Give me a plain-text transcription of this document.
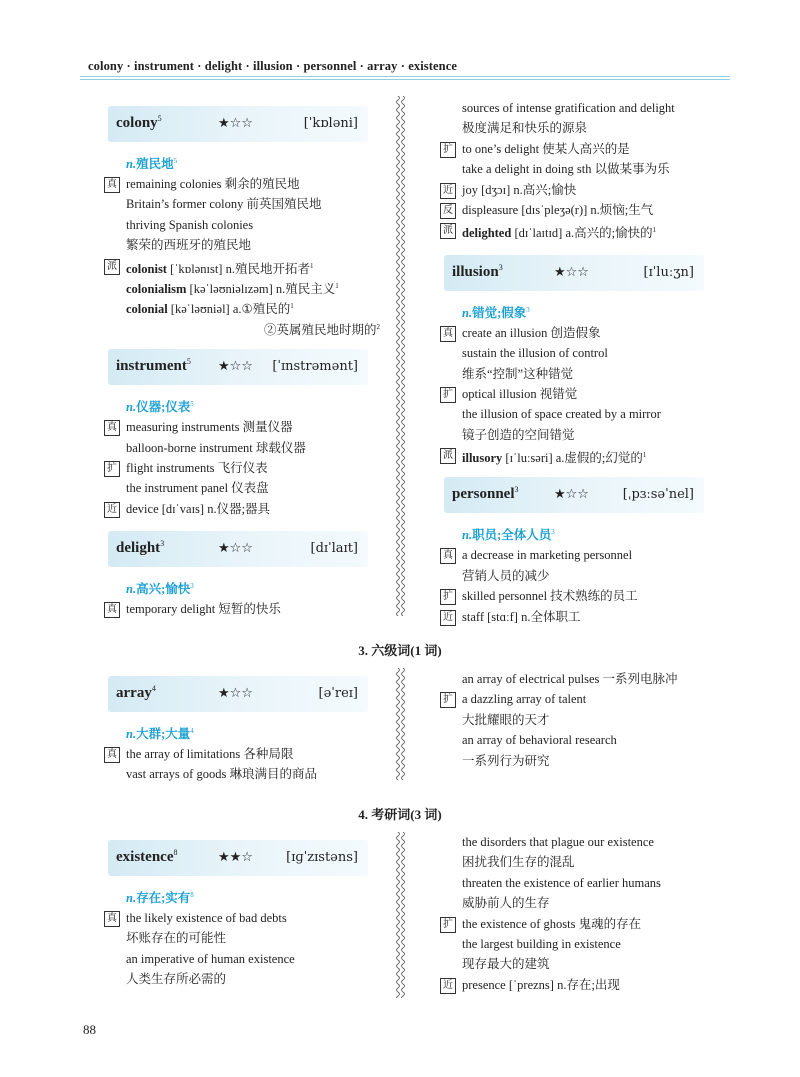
colony · instrument · delight · illusion · personnel · array · existence
colony$^5$	★☆☆	[ˈkɒləni]
n.殖民地$^5$
真 remaining colonies 剩余的殖民地
Britain’s former colony 前英国殖民地
thriving Spanish colonies
繁荣的西班牙的殖民地
派 colonist [ˈkɒlənɪst] n.殖民地开拓者$^1$
colonialism [kəˈləʊniəlɪzəm] n.殖民主义$^1$
colonial [kəˈləʊniəl] a.①殖民的$^1$
②英属殖民地时期的$^2$
instrument$^5$ ★☆☆ [ˈɪnstrəmənt]
n.仪器;仪表$^5$
真 measuring instruments 测量仪器
balloon-borne instrument 球载仪器
扩 flight instruments 飞行仪表
the instrument panel 仪表盘
近 device [dɪˈvaɪs] n.仪器;器具
delight$^3$	★☆☆	[dɪˈlaɪt]
n.高兴;愉快$^3$
真 temporary delight 短暂的快乐
sources of intense gratification and delight
极度满足和快乐的源泉
扩 to one’s delight 使某人高兴的是
take a delight in doing sth 以做某事为乐
近 joy [dʒɔɪ] n.高兴;愉快
反 displeasure [dɪsˈpleʒə(r)] n.烦恼;生气
派 delighted [dɪˈlaɪtɪd] a.高兴的;愉快的$^1$
illusion$^3$	★☆☆	[ɪˈluːʒn]
n.错觉;假象$^3$
真 create an illusion 创造假象
sustain the illusion of control
维系“控制”这种错觉
扩 optical illusion 视错觉
the illusion of space created by a mirror
镜子创造的空间错觉
派 illusory [ɪˈluːsəri] a.虚假的;幻觉的$^1$
personnel$^3$	★☆☆	[ˌpɜːsəˈnel]
n.职员;全体人员$^3$
真 a decrease in marketing personnel
营销人员的减少
扩 skilled personnel 技术熟练的员工
近 staff [stɑːf] n.全体职工
3. 六级词(1 词)
array$^4$	★☆☆	[əˈreɪ]
n.大群;大量$^4$
真 the array of limitations 各种局限
vast arrays of goods 琳琅满目的商品
an array of electrical pulses 一系列电脉冲
扩 a dazzling array of talent
大批耀眼的天才
an array of behavioral research
一系列行为研究
4. 考研词(3 词)
existence$^8$	★★☆	[ɪɡˈzɪstəns]
n.存在;实有$^8$
真 the likely existence of bad debts
坏账存在的可能性
an imperative of human existence
人类生存所必需的
the disorders that plague our existence
困扰我们生存的混乱
threaten the existence of earlier humans
威胁前人的生存
扩 the existence of ghosts 鬼魂的存在
the largest building in existence
现存最大的建筑
近 presence [ˈprezns] n.存在;出现
88
